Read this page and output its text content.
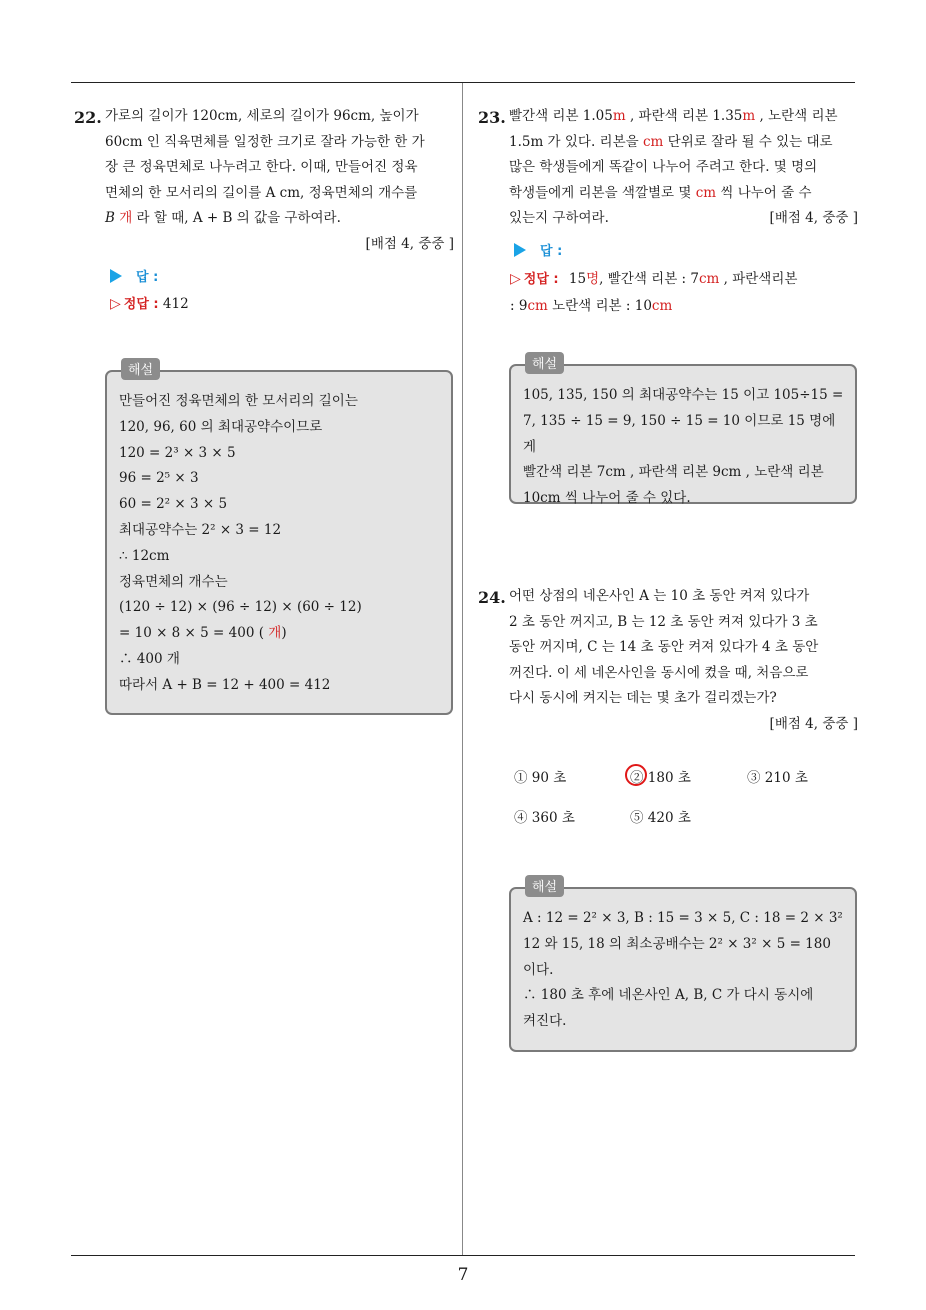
7
22. 가로의 길이가 120cm, 세로의 길이가 96cm, 높이가
60cm 인 직육면체를 일정한 크기로 잘라 가능한 한 가
장 큰 정육면체로 나누려고 한다. 이때, 만들어진 정육
면체의 한 모서리의 길이를 A cm, 정육면체의 개수를
B 개 라 할 때, A + B 의 값을 구하여라.
[배점 4, 중중 ]
답 :
▷ 정답 : 412
해설
만들어진 정육면체의 한 모서리의 길이는
120, 96, 60 의 최대공약수이므로
120 = 2³ × 3 × 5
96 = 2⁵ × 3
60 = 2² × 3 × 5
최대공약수는 2² × 3 = 12
∴ 12cm
정육면체의 개수는
(120 ÷ 12) × (96 ÷ 12) × (60 ÷ 12)
= 10 × 8 × 5 = 400 ( 개)
∴ 400 개
따라서 A + B = 12 + 400 = 412
23. 빨간색 리본 1.05m , 파란색 리본 1.35m , 노란색 리본
1.5m 가 있다. 리본을 cm 단위로 잘라 될 수 있는 대로
많은 학생들에게 똑같이 나누어 주려고 한다. 몇 명의
학생들에게 리본을 색깔별로 몇 cm 씩 나누어 줄 수
있는지 구하여라.	[배점 4, 중중 ]
답 :
▷ 정답 : 15명, 빨간색 리본 : 7cm , 파란색리본
: 9cm 노란색 리본 : 10cm
해설
105, 135, 150 의 최대공약수는 15 이고 105÷15 =
7, 135 ÷ 15 = 9, 150 ÷ 15 = 10 이므로 15 명에게
빨간색 리본 7cm , 파란색 리본 9cm , 노란색 리본
10cm 씩 나누어 줄 수 있다.
24. 어떤 상점의 네온사인 A 는 10 초 동안 켜져 있다가
2 초 동안 꺼지고, B 는 12 초 동안 켜져 있다가 3 초
동안 꺼지며, C 는 14 초 동안 켜져 있다가 4 초 동안
꺼진다. 이 세 네온사인을 동시에 켰을 때, 처음으로
다시 동시에 켜지는 데는 몇 초가 걸리겠는가?
[배점 4, 중중 ]
① 90 초	② 180 초	③ 210 초
④ 360 초	⑤ 420 초
해설
A : 12 = 2² × 3, B : 15 = 3 × 5, C : 18 = 2 × 3²
12 와 15, 18 의 최소공배수는 2² × 3² × 5 = 180
이다.
∴ 180 초 후에 네온사인 A, B, C 가 다시 동시에
켜진다.
